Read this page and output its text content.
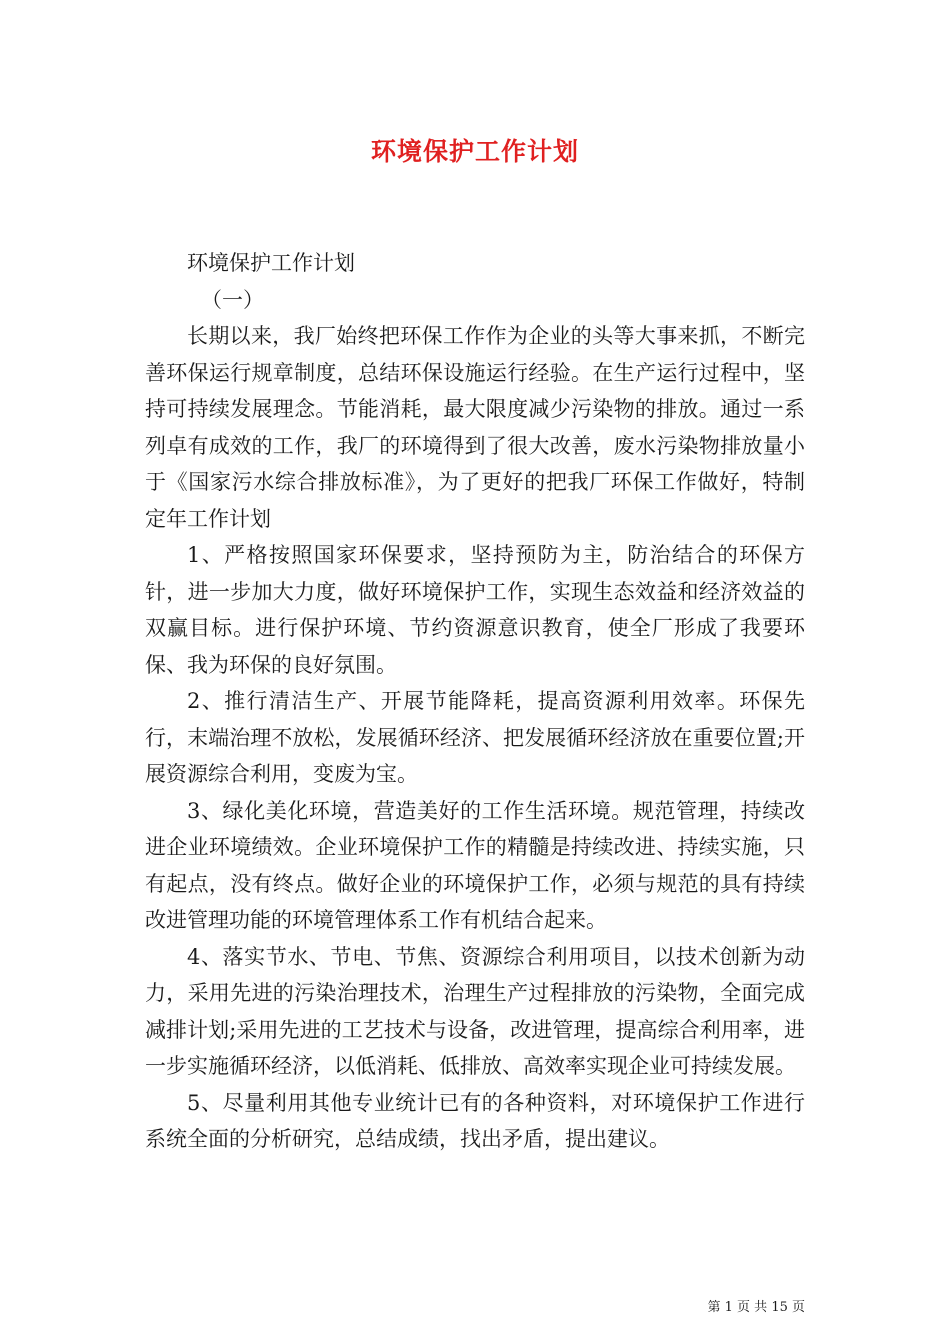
环境保护工作计划

环境保护工作计划

（一）

长期以来，我厂始终把环保工作作为企业的头等大事来抓，不断完善环保运行规章制度，总结环保设施运行经验。在生产运行过程中，坚持可持续发展理念。节能消耗，最大限度减少污染物的排放。通过一系列卓有成效的工作，我厂的环境得到了很大改善，废水污染物排放量小于《国家污水综合排放标准》，为了更好的把我厂环保工作做好，特制定年工作计划

1、严格按照国家环保要求，坚持预防为主，防治结合的环保方针，进一步加大力度，做好环境保护工作，实现生态效益和经济效益的双赢目标。进行保护环境、节约资源意识教育，使全厂形成了我要环保、我为环保的良好氛围。

2、推行清洁生产、开展节能降耗，提高资源利用效率。环保先行，末端治理不放松，发展循环经济、把发展循环经济放在重要位置;开展资源综合利用，变废为宝。

3、绿化美化环境，营造美好的工作生活环境。规范管理，持续改进企业环境绩效。企业环境保护工作的精髓是持续改进、持续实施，只有起点，没有终点。做好企业的环境保护工作，必须与规范的具有持续改进管理功能的环境管理体系工作有机结合起来。

4、落实节水、节电、节焦、资源综合利用项目，以技术创新为动力，采用先进的污染治理技术，治理生产过程排放的污染物，全面完成减排计划;采用先进的工艺技术与设备，改进管理，提高综合利用率，进一步实施循环经济，以低消耗、低排放、高效率实现企业可持续发展。

5、尽量利用其他专业统计已有的各种资料，对环境保护工作进行系统全面的分析研究，总结成绩，找出矛盾，提出建议。

第 1 页 共 15 页
